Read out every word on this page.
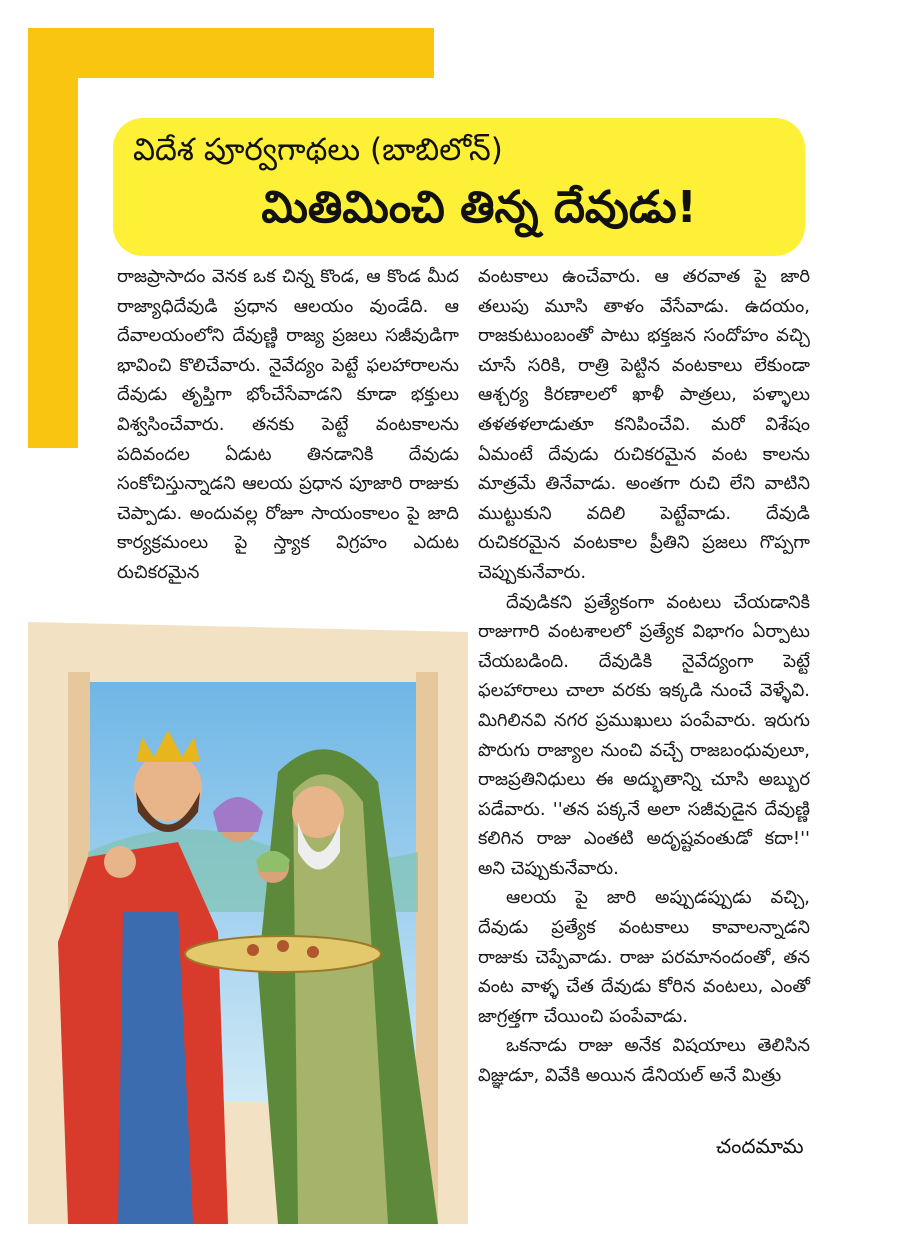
విదేశ పూర్వగాథలు (బాబిలోన్)
మితిమించి తిన్న దేవుడు!

రాజప్రాసాదం వెనక ఒక చిన్న కొండ, ఆ కొండ మీద రాజ్యాధిదేవుడి ప్రధాన ఆలయం వుండేది. ఆ దేవాలయంలోని దేవుణ్ణి రాజ్య ప్రజలు సజీవుడిగా భావించి కొలిచేవారు. నైవేద్యం పెట్టే ఫలహారాలను దేవుడు తృప్తిగా భోంచేసేవాడని కూడా భక్తులు విశ్వసించేవారు. తనకు పెట్టే వంటకాలను పదివందల ఏడుట తినడానికి దేవుడు సంకోచిస్తున్నాడని ఆలయ ప్రధాన పూజారి రాజుకు చెప్పాడు. అందువల్ల రోజూ సాయంకాలం పై జాది కార్యక్రమంలు పై స్త్యాక విగ్రహం ఎదుట రుచికరమైన

వంటకాలు ఉంచేవారు. ఆ తరవాత పై జారి తలుపు మూసి తాళం వేసేవాడు. ఉదయం, రాజకుటుంబంతో పాటు భక్తజన సందోహం వచ్చి చూసే సరికి, రాత్రి పెట్టిన వంటకాలు లేకుండా ఆశ్చర్య కిరణాలలో ఖాళీ పాత్రలు, పళ్ళాలు తళతళలాడుతూ కనిపించేవి. మరో విశేషం ఏమంటే దేవుడు రుచికరమైన వంట కాలను మాత్రమే తినేవాడు. అంతగా రుచి లేని వాటిని ముట్టుకుని వదిలి పెట్టేవాడు. దేవుడి రుచికరమైన వంటకాల ప్రీతిని ప్రజలు గొప్పగా చెప్పుకునేవారు.

దేవుడికని ప్రత్యేకంగా వంటలు చేయడానికి రాజుగారి వంటశాలలో ప్రత్యేక విభాగం ఏర్పాటు చేయబడింది. దేవుడికి నైవేద్యంగా పెట్టే ఫలహారాలు చాలా వరకు ఇక్కడి నుంచే వెళ్ళేవి. మిగిలినవి నగర ప్రముఖులు పంపేవారు. ఇరుగు పొరుగు రాజ్యాల నుంచి వచ్చే రాజబంధువులూ, రాజప్రతినిధులు ఈ అద్భుతాన్ని చూసి అబ్బుర పడేవారు. ''తన పక్కనే అలా సజీవుడైన దేవుణ్ణి కలిగిన రాజు ఎంతటి అదృష్టవంతుడో కదా!'' అని చెప్పుకునేవారు.

ఆలయ పై జారి అప్పుడప్పుడు వచ్చి, దేవుడు ప్రత్యేక వంటకాలు కావాలన్నాడని రాజుకు చెప్పేవాడు. రాజు పరమానందంతో, తన వంట వాళ్ళ చేత దేవుడు కోరిన వంటలు, ఎంతో జాగ్రత్తగా చేయించి పంపేవాడు.

ఒకనాడు రాజు అనేక విషయాలు తెలిసిన విజ్ఞుడూ, వివేకి అయిన డేనియల్ అనే మిత్రు

చందమామ
